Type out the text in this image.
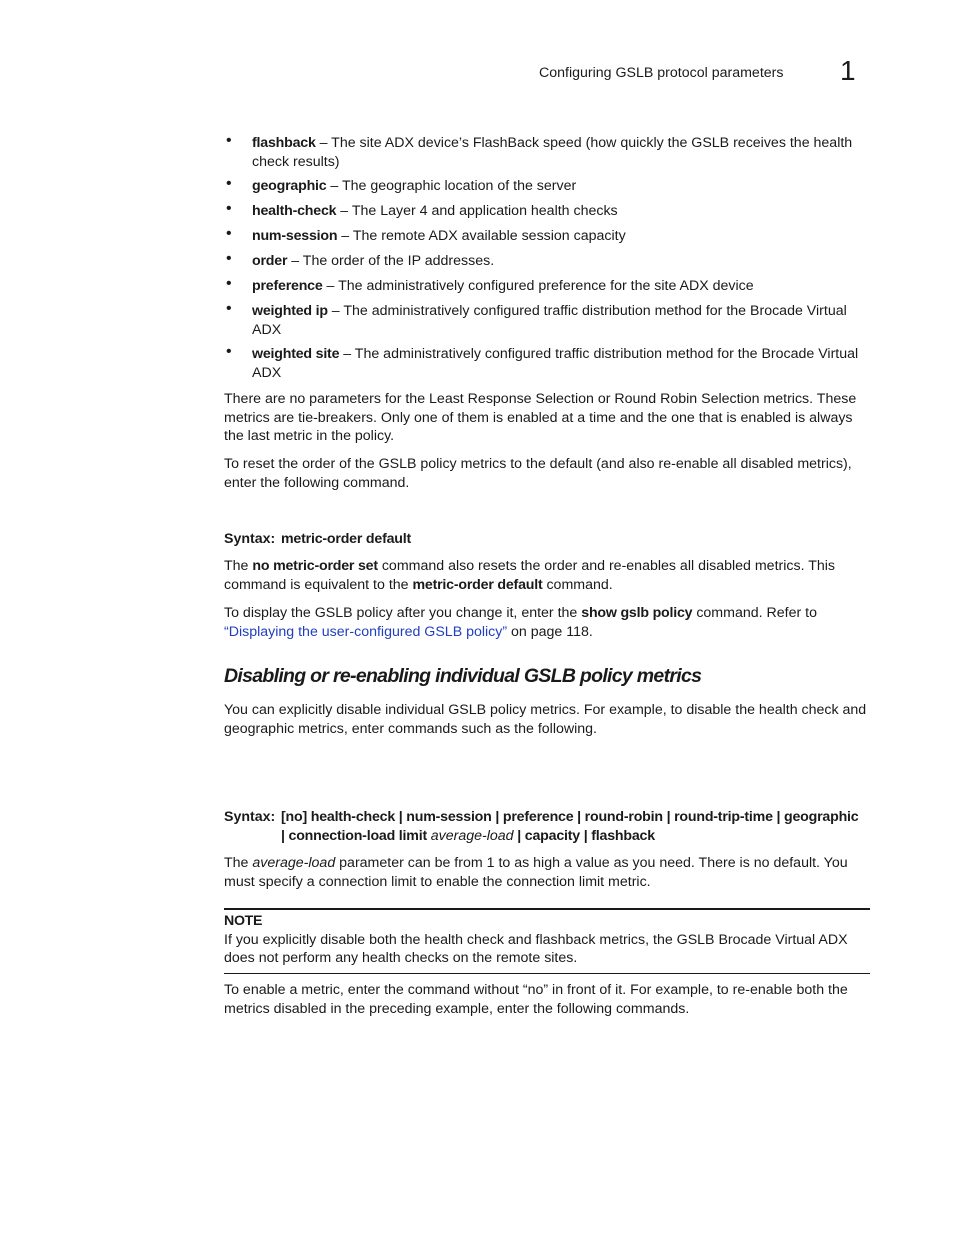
Configuring GSLB protocol parameters 1
• flashback – The site ADX device’s FlashBack speed (how quickly the GSLB receives the health check results)
• geographic – The geographic location of the server
• health-check – The Layer 4 and application health checks
• num-session – The remote ADX available session capacity
• order – The order of the IP addresses.
• preference – The administratively configured preference for the site ADX device
• weighted ip – The administratively configured traffic distribution method for the Brocade Virtual ADX
• weighted site – The administratively configured traffic distribution method for the Brocade Virtual ADX
There are no parameters for the Least Response Selection or Round Robin Selection metrics. These metrics are tie-breakers. Only one of them is enabled at a time and the one that is enabled is always the last metric in the policy.
To reset the order of the GSLB policy metrics to the default (and also re-enable all disabled metrics), enter the following command.
Syntax: metric-order default
The no metric-order set command also resets the order and re-enables all disabled metrics. This command is equivalent to the metric-order default command.
To display the GSLB policy after you change it, enter the show gslb policy command. Refer to “Displaying the user-configured GSLB policy” on page 118.
Disabling or re-enabling individual GSLB policy metrics
You can explicitly disable individual GSLB policy metrics. For example, to disable the health check and geographic metrics, enter commands such as the following.
Syntax: [no] health-check | num-session | preference | round-robin | round-trip-time | geographic
| connection-load limit average-load | capacity | flashback
The average-load parameter can be from 1 to as high a value as you need. There is no default. You must specify a connection limit to enable the connection limit metric.
NOTE
If you explicitly disable both the health check and flashback metrics, the GSLB Brocade Virtual ADX does not perform any health checks on the remote sites.
To enable a metric, enter the command without “no” in front of it. For example, to re-enable both the metrics disabled in the preceding example, enter the following commands.
